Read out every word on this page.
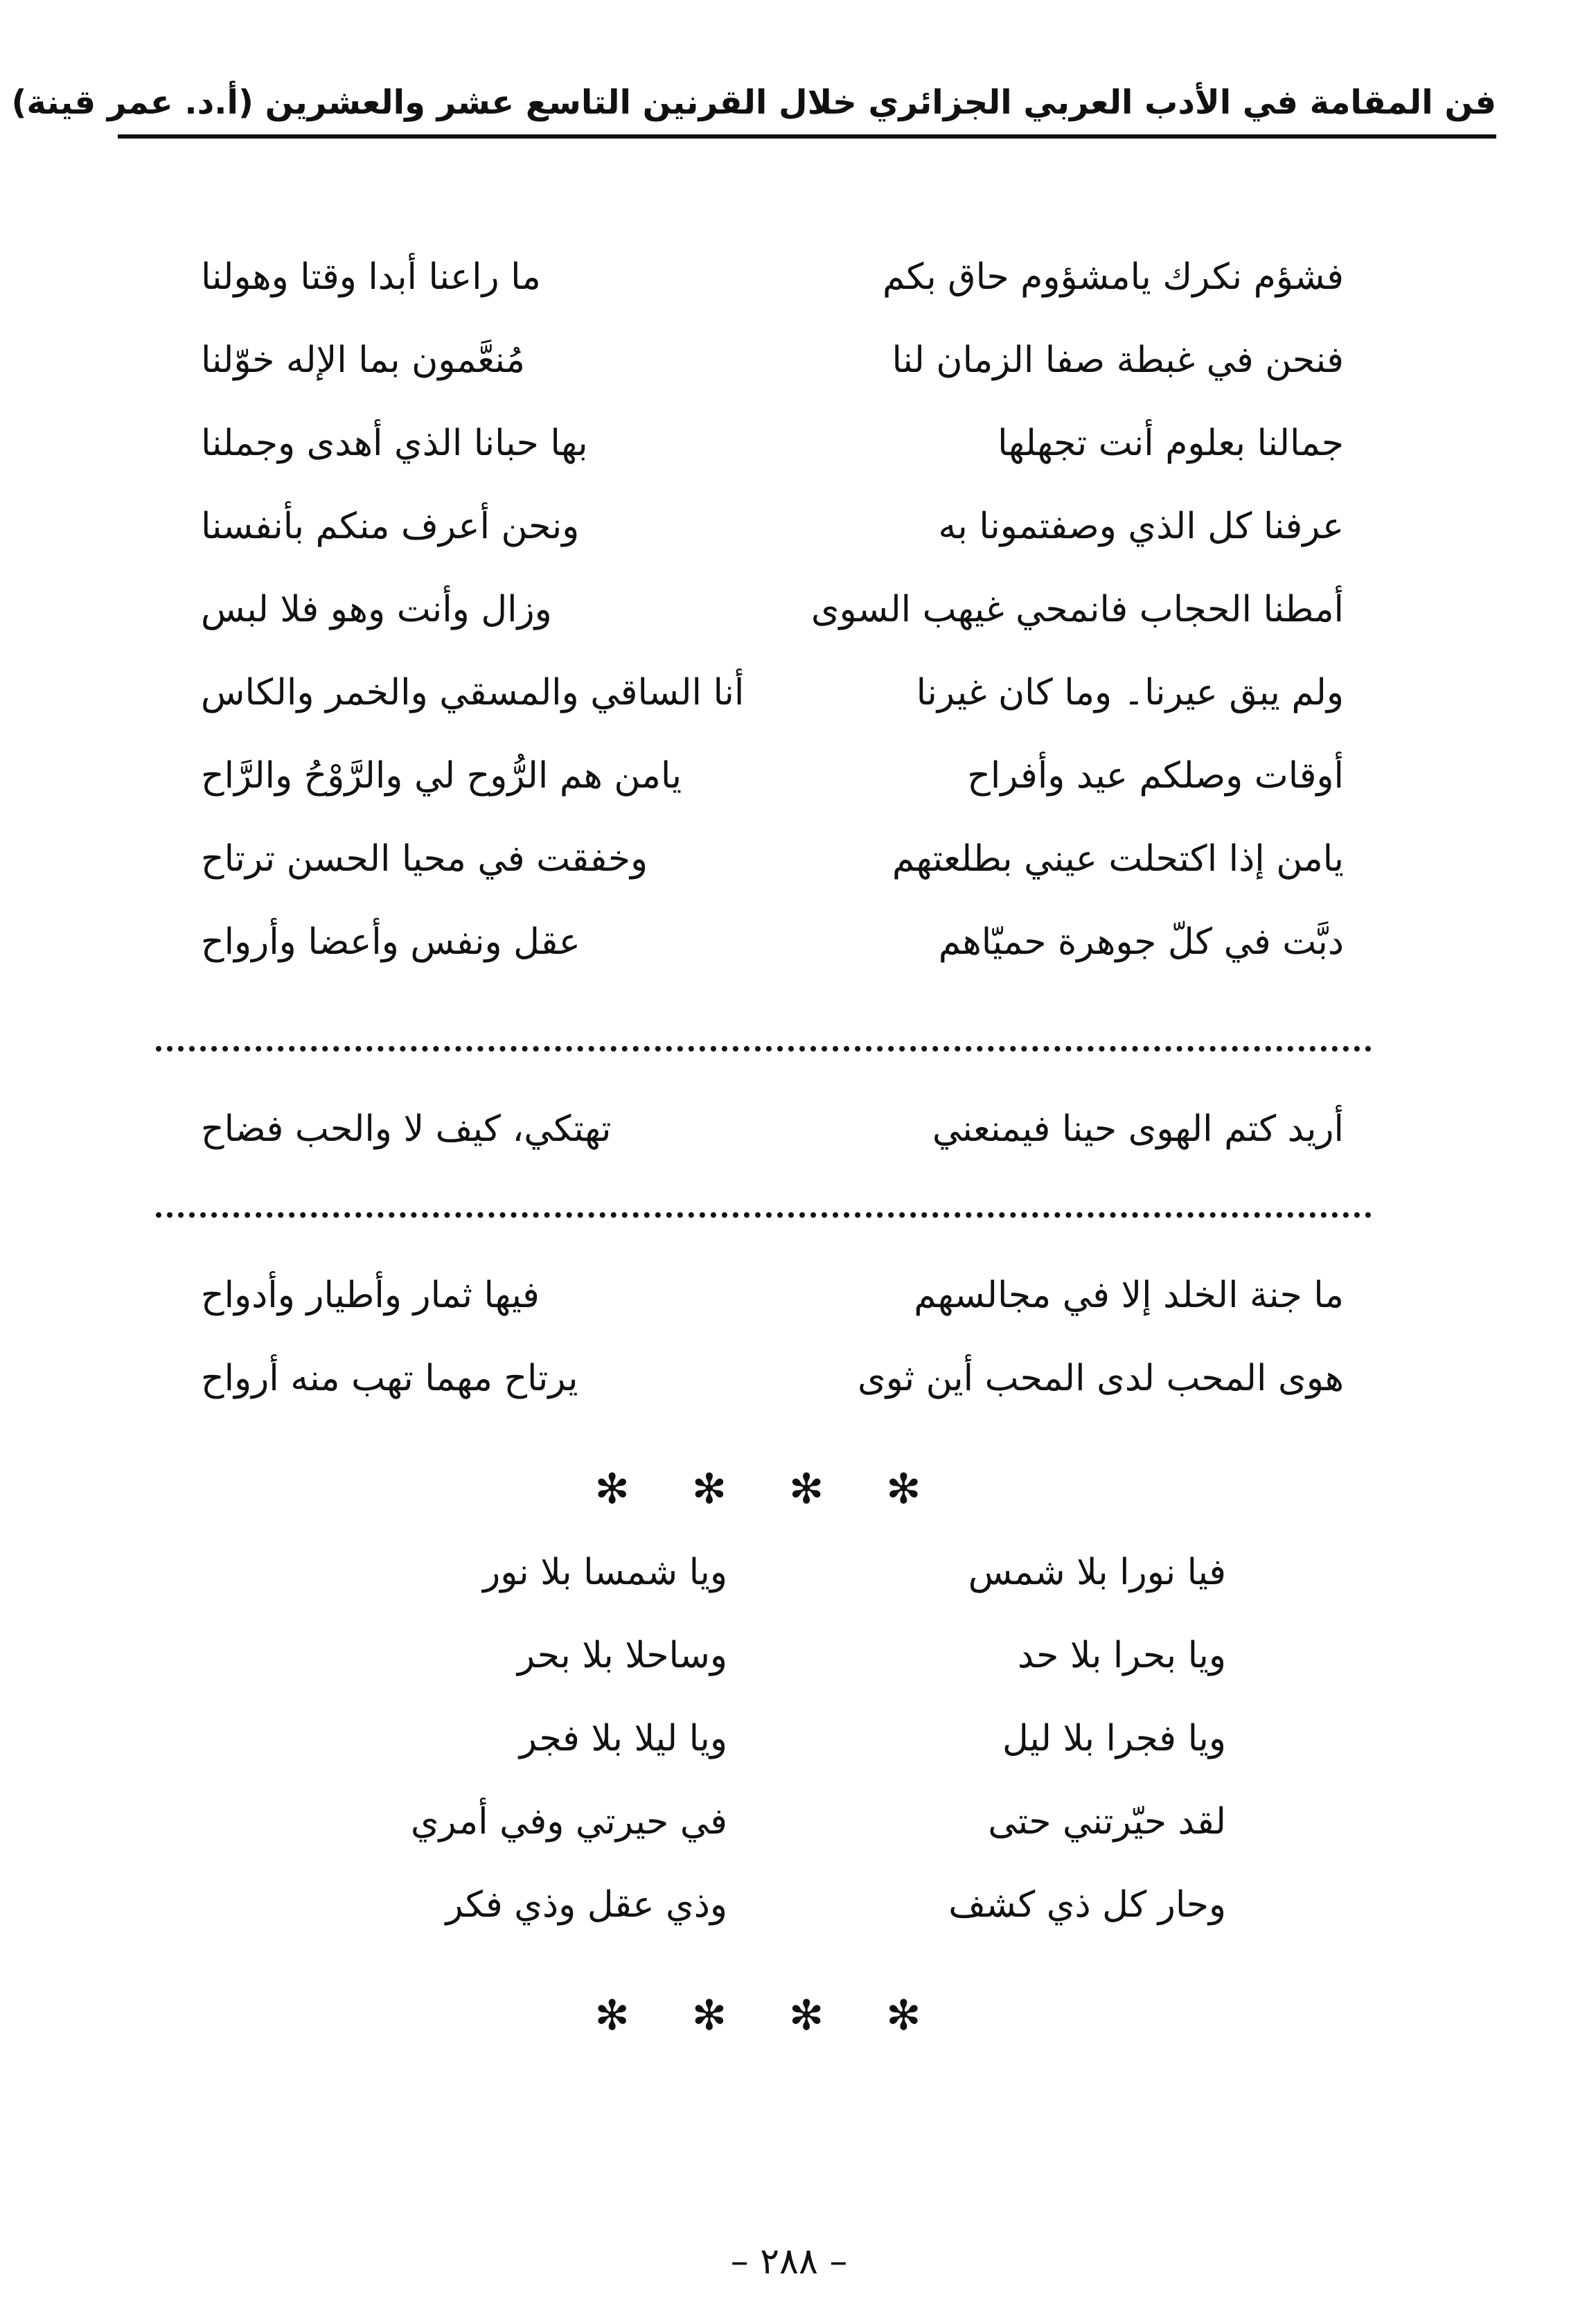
فن المقامة في الأدب العربي الجزائري خلال القرنين التاسع عشر والعشرين (أ.د. عمر قينة)
فشؤم نكرك يامشؤوم حاق بكم
ما راعنا أبدا وقتا وهولنا
فنحن في غبطة صفا الزمان لنا
مُنعَّمون بما الإله خوّلنا
جمالنا بعلوم أنت تجهلها
بها حبانا الذي أهدى وجملنا
عرفنا كل الذي وصفتمونا به
ونحن أعرف منكم بأنفسنا
أمطنا الحجاب فانمحي غيهب السوى
وزال وأنت وهو فلا لبس
ولم يبق عيرنا۔ وما كان غيرنا
أنا الساقي والمسقي والخمر والكاس
أوقات وصلكم عيد وأفراح
يامن هم الرُّوح لي والرَّوْحُ والرَّاح
يامن إذا اكتحلت عيني بطلعتهم
وخفقت في محيا الحسن ترتاح
دبَّت في كلّ جوهرة حميّاهم
عقل ونفس وأعضا وأرواح
أريد كتم الهوى حينا فيمنعني
تهتكي، كيف لا والحب فضاح
ما جنة الخلد إلا في مجالسهم
فيها ثمار وأطيار وأدواح
هوى المحب لدى المحب أين ثوى
يرتاح مهما تهب منه أرواح
✻✻✻✻
فيا نورا بلا شمس
ويا شمسا بلا نور
ويا بحرا بلا حد
وساحلا بلا بحر
ويا فجرا بلا ليل
ويا ليلا بلا فجر
لقد حيّرتني حتى
في حيرتي وفي أمري
وحار كل ذي كشف
وذي عقل وذي فكر
✻✻✻✻
– ٢٨٨ –
